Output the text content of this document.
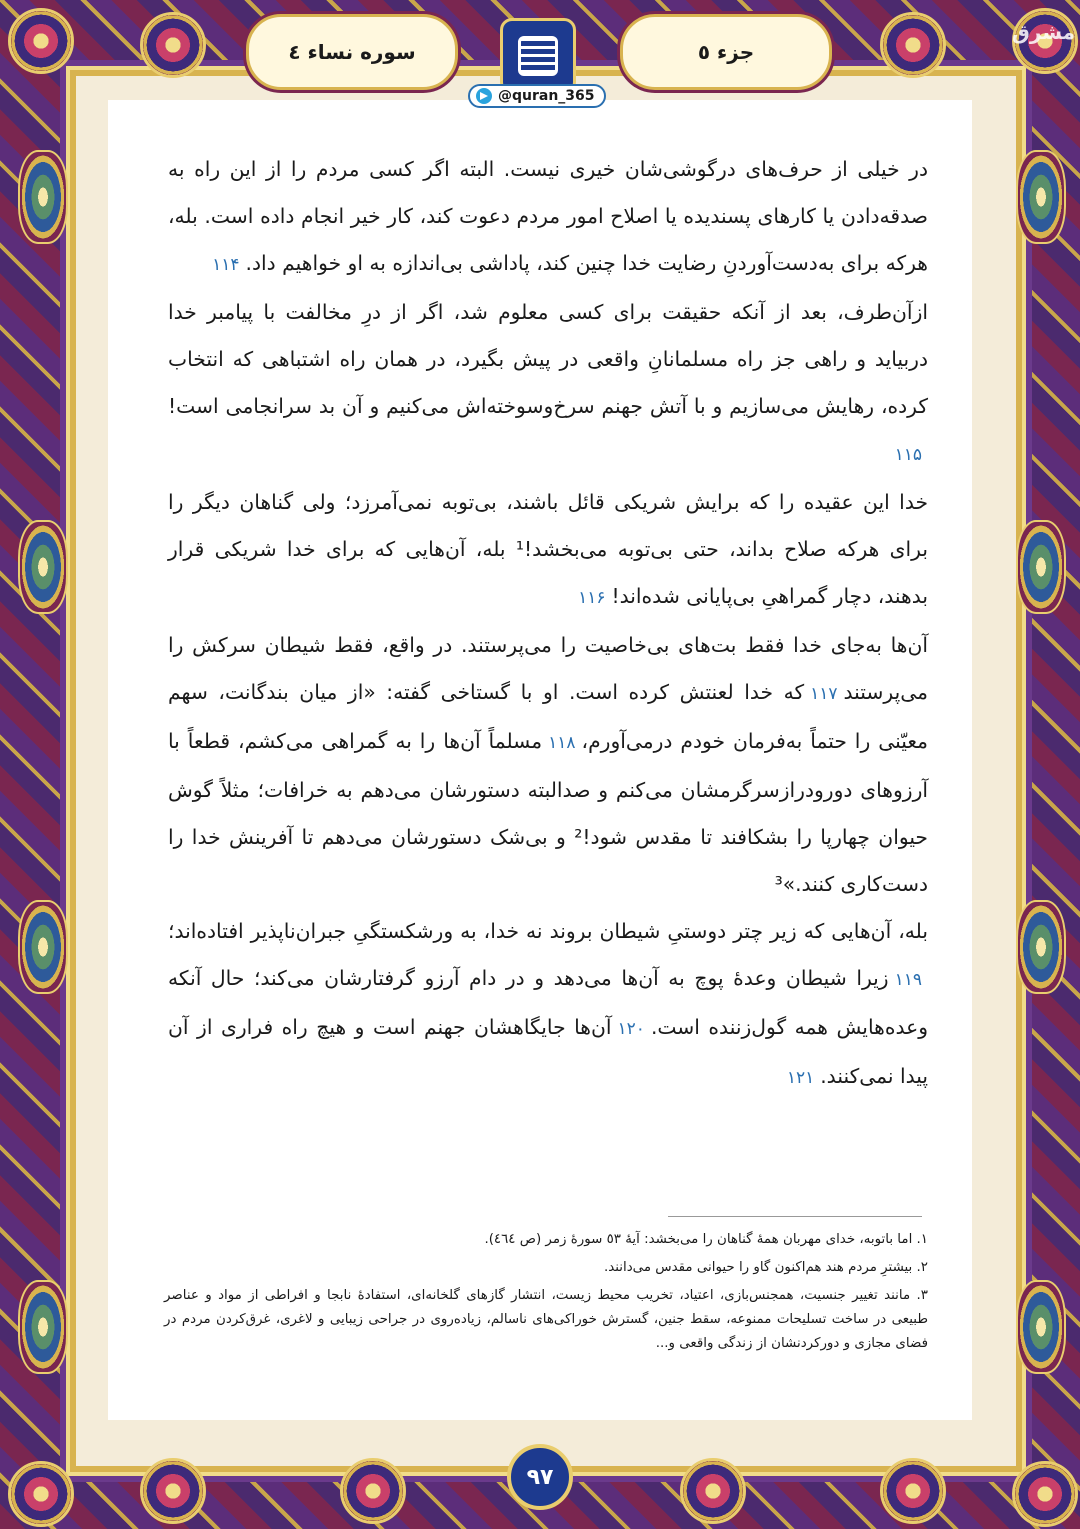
سوره نساء ٤	جزء ٥
مشرق

در خیلی از حرف‌های درگوشی‌شان خیری نیست. البته اگر کسی مردم را از این راه به صدقه‌دادن یا کارهای پسندیده یا اصلاح امور مردم دعوت کند، کار خیر انجام داده است. بله، هرکه برای به‌دست‌آوردنِ رضایت خدا چنین کند، پاداشی بی‌اندازه به او خواهیم داد.۱۱۴

ازآن‌طرف، بعد از آنکه حقیقت برای کسی معلوم شد، اگر از درِ مخالفت با پیامبر خدا دربیاید و راهی جز راه مسلمانانِ واقعی در پیش بگیرد، در همان راه اشتباهی که انتخاب کرده، رهایش می‌سازیم و با آتش جهنم سرخ‌وسوخته‌اش می‌کنیم و آن بد سرانجامی است!۱۱۵

خدا این عقیده را که برایش شریکی قائل باشند، بی‌توبه نمی‌آمرزد؛ ولی گناهان دیگر را برای هرکه صلاح بداند، حتی بی‌توبه می‌بخشد!¹ بله، آن‌هایی که برای خدا شریکی قرار بدهند، دچار گمراهیِ بی‌پایانی شده‌اند!۱۱۶

آن‌ها به‌جای خدا فقط بت‌های بی‌خاصیت را می‌پرستند. در واقع، فقط شیطان سرکش را می‌پرستند۱۱۷که خدا لعنتش کرده است. او با گستاخی گفته: «از میان بندگانت، سهم معیّنی را حتماً به‌فرمان خودم درمی‌آورم،۱۱۸مسلماً آن‌ها را به گمراهی می‌کشم، قطعاً با آرزوهای دورودرازسرگرمشان می‌کنم و صدالبته دستورشان می‌دهم به خرافات؛ مثلاً گوش حیوان چهارپا را بشکافند تا مقدس شود!² و بی‌شک دستورشان می‌دهم تا آفرینش خدا را دست‌کاری کنند.»³

بله، آن‌هایی که زیر چتر دوستیِ شیطان بروند نه خدا، به ورشکستگیِ جبران‌ناپذیر افتاده‌اند؛۱۱۹زیرا شیطان وعدهٔ پوچ به آن‌ها می‌دهد و در دام آرزو گرفتارشان می‌کند؛ حال آنکه وعده‌هایش همه گول‌زننده است.۱۲۰آن‌ها جایگاهشان جهنم است و هیچ راه فراری از آن پیدا نمی‌کنند.۱۲۱

١. اما باتوبه، خدای مهربان همهٔ گناهان را می‌بخشد: آیهٔ ٥٣ سورهٔ زمر (ص ٤٦٤).

٢. بیشترِ مردم هند هم‌اکنون گاو را حیوانی مقدس می‌دانند.

٣. مانند تغییر جنسیت، همجنس‌بازی، اعتیاد، تخریب محیط زیست، انتشار گازهای گلخانه‌ای، استفادهٔ نابجا و افراطی از مواد و عناصر طبیعی در ساخت تسلیحات ممنوعه، سقط جنین، گسترش خوراکی‌های ناسالم، زیاده‌روی در جراحی زیبایی و لاغری، غرق‌کردن مردم در فضای مجازی و دورکردنشان از زندگی واقعی و...

@quran_365
٩٧
